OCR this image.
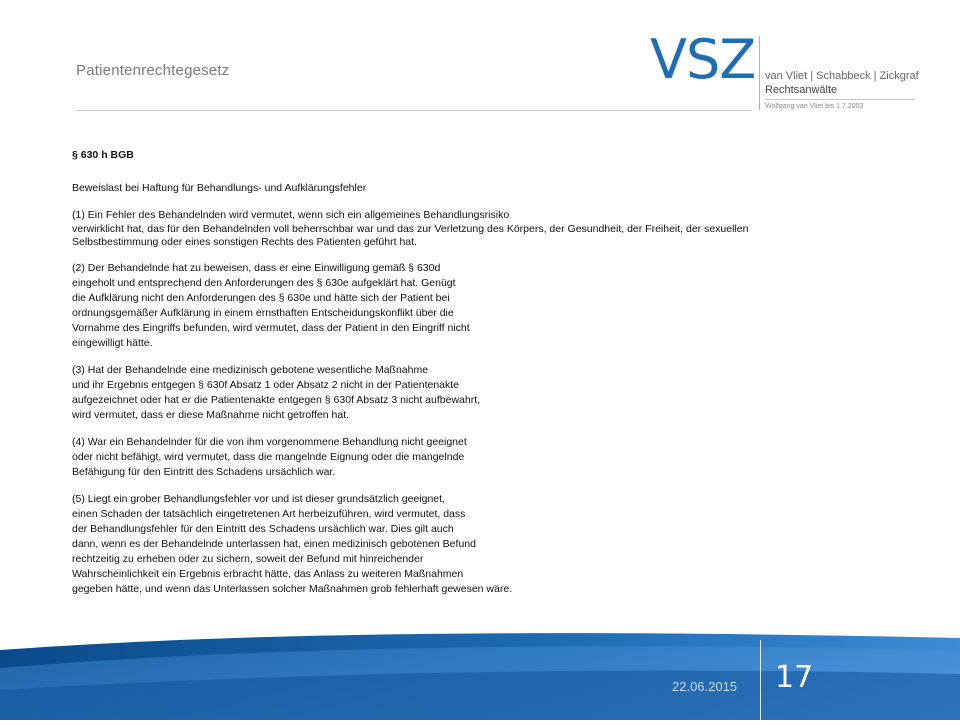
Patientenrechtegesetz	VSZ van Vliet | Schabbeck | Zickgraf
Rechtsanwälte
Wolfgang van Vliet bis 1.7.2003
§ 630 h BGB
Beweislast bei Haftung für Behandlungs- und Aufklärungsfehler
(1) Ein Fehler des Behandelnden wird vermutet, wenn sich ein allgemeines Behandlungsrisiko
verwirklicht hat, das für den Behandelnden voll beherrschbar war und das zur Verletzung des Körpers, der Gesundheit, der Freiheit, der sexuellen
Selbstbestimmung oder eines sonstigen Rechts des Patienten geführt hat.
(2) Der Behandelnde hat zu beweisen, dass er eine Einwilligung gemäß § 630d
eingeholt und entsprechend den Anforderungen des § 630e aufgeklärt hat. Genügt
die Aufklärung nicht den Anforderungen des § 630e und hätte sich der Patient bei
ordnungsgemäßer Aufklärung in einem ernsthaften Entscheidungskonflikt über die
Vornahme des Eingriffs befunden, wird vermutet, dass der Patient in den Eingriff nicht
eingewilligt hätte.
(3) Hat der Behandelnde eine medizinisch gebotene wesentliche Maßnahme
und ihr Ergebnis entgegen § 630f Absatz 1 oder Absatz 2 nicht in der Patientenakte
aufgezeichnet oder hat er die Patientenakte entgegen § 630f Absatz 3 nicht aufbewahrt,
wird vermutet, dass er diese Maßnahme nicht getroffen hat.
(4) War ein Behandelnder für die von ihm vorgenommene Behandlung nicht geeignet
oder nicht befähigt, wird vermutet, dass die mangelnde Eignung oder die mangelnde
Befähigung für den Eintritt des Schadens ursächlich war.
(5) Liegt ein grober Behandlungsfehler vor und ist dieser grundsätzlich geeignet,
einen Schaden der tatsächlich eingetretenen Art herbeizuführen, wird vermutet, dass
der Behandlungsfehler für den Eintritt des Schadens ursächlich war. Dies gilt auch
dann, wenn es der Behandelnde unterlassen hat, einen medizinisch gebotenen Befund
rechtzeitig zu erheben oder zu sichern, soweit der Befund mit hinreichender
Wahrscheinlichkeit ein Ergebnis erbracht hätte, das Anlass zu weiteren Maßnahmen
gegeben hätte, und wenn das Unterlassen solcher Maßnahmen grob fehlerhaft gewesen wäre.
22.06.2015 17
